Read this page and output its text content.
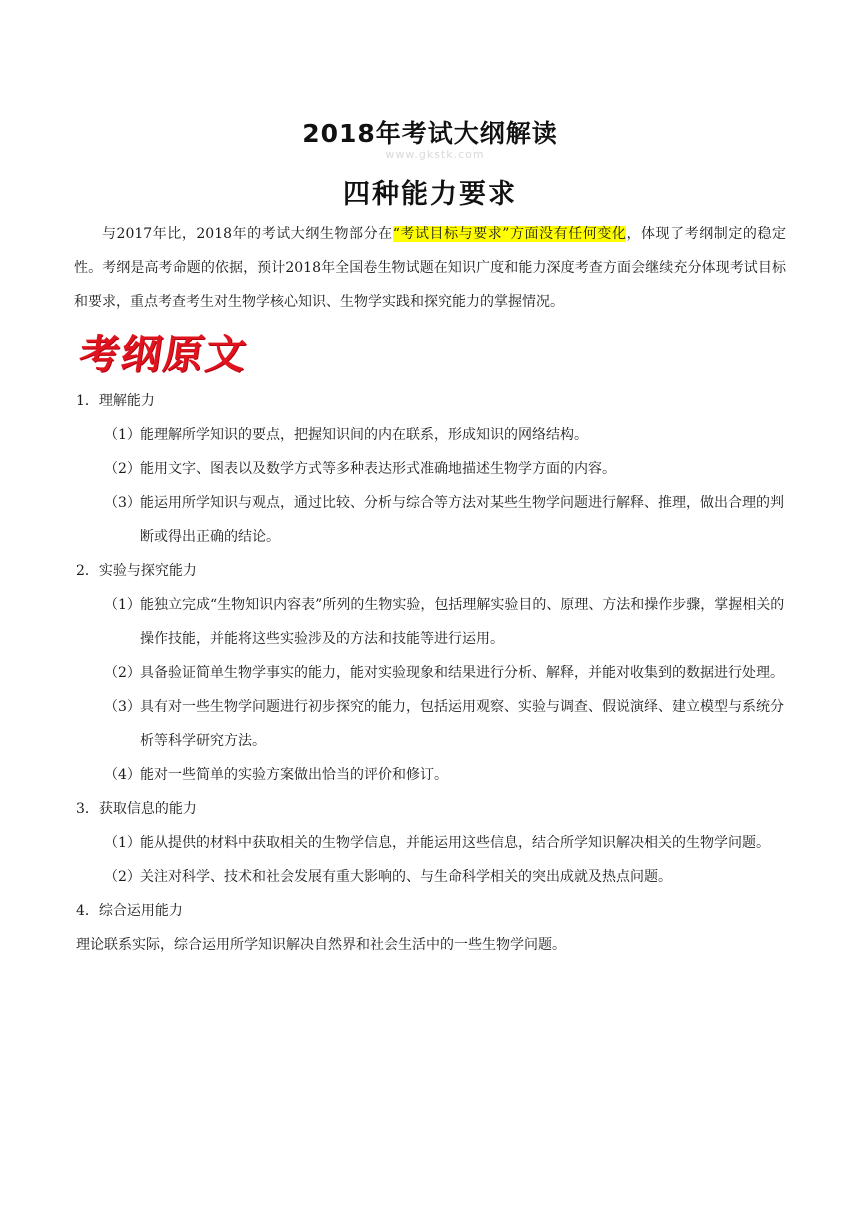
2018年考试大纲解读
www.gkstk.com
四种能力要求

与2017年比，2018年的考试大纲生物部分在“考试目标与要求”方面没有任何变化，体现了考纲制定的稳定性。考纲是高考命题的依据，预计2018年全国卷生物试题在知识广度和能力深度考查方面会继续充分体现考试目标和要求，重点考查考生对生物学核心知识、生物学实践和探究能力的掌握情况。

考纲原文

1．理解能力

（1）能理解所学知识的要点，把握知识间的内在联系，形成知识的网络结构。

（2）能用文字、图表以及数学方式等多种表达形式准确地描述生物学方面的内容。

（3）能运用所学知识与观点，通过比较、分析与综合等方法对某些生物学问题进行解释、推理，做出合理的判断或得出正确的结论。

2．实验与探究能力

（1）能独立完成“生物知识内容表”所列的生物实验，包括理解实验目的、原理、方法和操作步骤，掌握相关的操作技能，并能将这些实验涉及的方法和技能等进行运用。

（2）具备验证简单生物学事实的能力，能对实验现象和结果进行分析、解释，并能对收集到的数据进行处理。

（3）具有对一些生物学问题进行初步探究的能力，包括运用观察、实验与调查、假说演绎、建立模型与系统分析等科学研究方法。

（4）能对一些简单的实验方案做出恰当的评价和修订。

3．获取信息的能力

（1）能从提供的材料中获取相关的生物学信息，并能运用这些信息，结合所学知识解决相关的生物学问题。

（2）关注对科学、技术和社会发展有重大影响的、与生命科学相关的突出成就及热点问题。

4．综合运用能力

理论联系实际，综合运用所学知识解决自然界和社会生活中的一些生物学问题。
